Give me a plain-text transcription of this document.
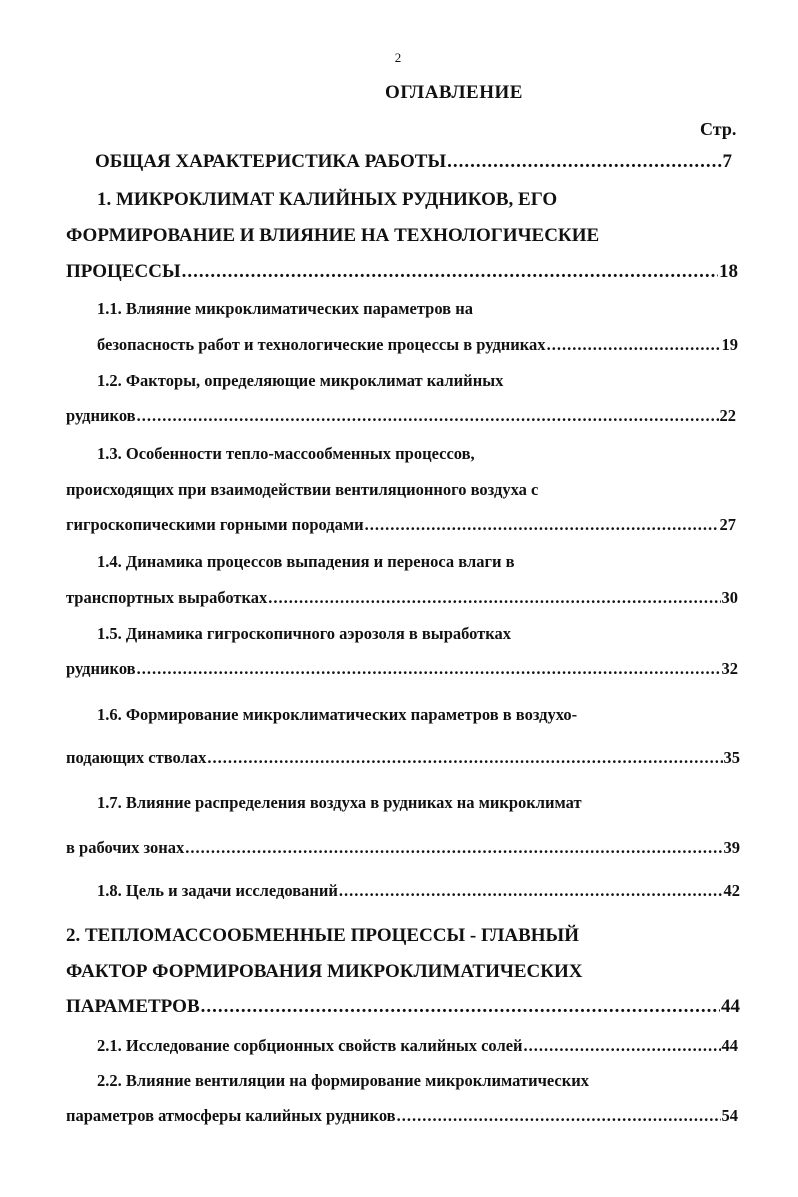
2
ОГЛАВЛЕНИЕ
Стр.
ОБЩАЯ ХАРАКТЕРИСТИКА РАБОТЫ .....	7
1. МИКРОКЛИМАТ КАЛИЙНЫХ РУДНИКОВ, ЕГО
ФОРМИРОВАНИЕ И ВЛИЯНИЕ НА ТЕХНОЛОГИЧЕСКИЕ
ПРОЦЕССЫ .....	18
1.1. Влияние микроклиматических параметров на
безопасность работ и технологические процессы в рудниках .....	19
1.2. Факторы, определяющие микроклимат калийных
рудников .....	22
1.3. Особенности тепло-массообменных процессов,
происходящих при взаимодействии вентиляционного воздуха с
гигроскопическими горными породами .....	27
1.4. Динамика процессов выпадения и переноса влаги в
транспортных выработках .....	30
1.5. Динамика гигроскопичного аэрозоля в выработках
рудников .....	32
1.6. Формирование микроклиматических параметров в воздухо-
подающих стволах .....	35
1.7. Влияние распределения воздуха в рудниках на микроклимат
в рабочих зонах .....	39
1.8. Цель и задачи исследований .....	42
2. ТЕПЛОМАССООБМЕННЫЕ ПРОЦЕССЫ - ГЛАВНЫЙ
ФАКТОР ФОРМИРОВАНИЯ МИКРОКЛИМАТИЧЕСКИХ
ПАРАМЕТРОВ .....	44
2.1. Исследование сорбционных свойств калийных солей .....	44
2.2. Влияние вентиляции на формирование микроклиматических
параметров атмосферы калийных рудников .....	54
